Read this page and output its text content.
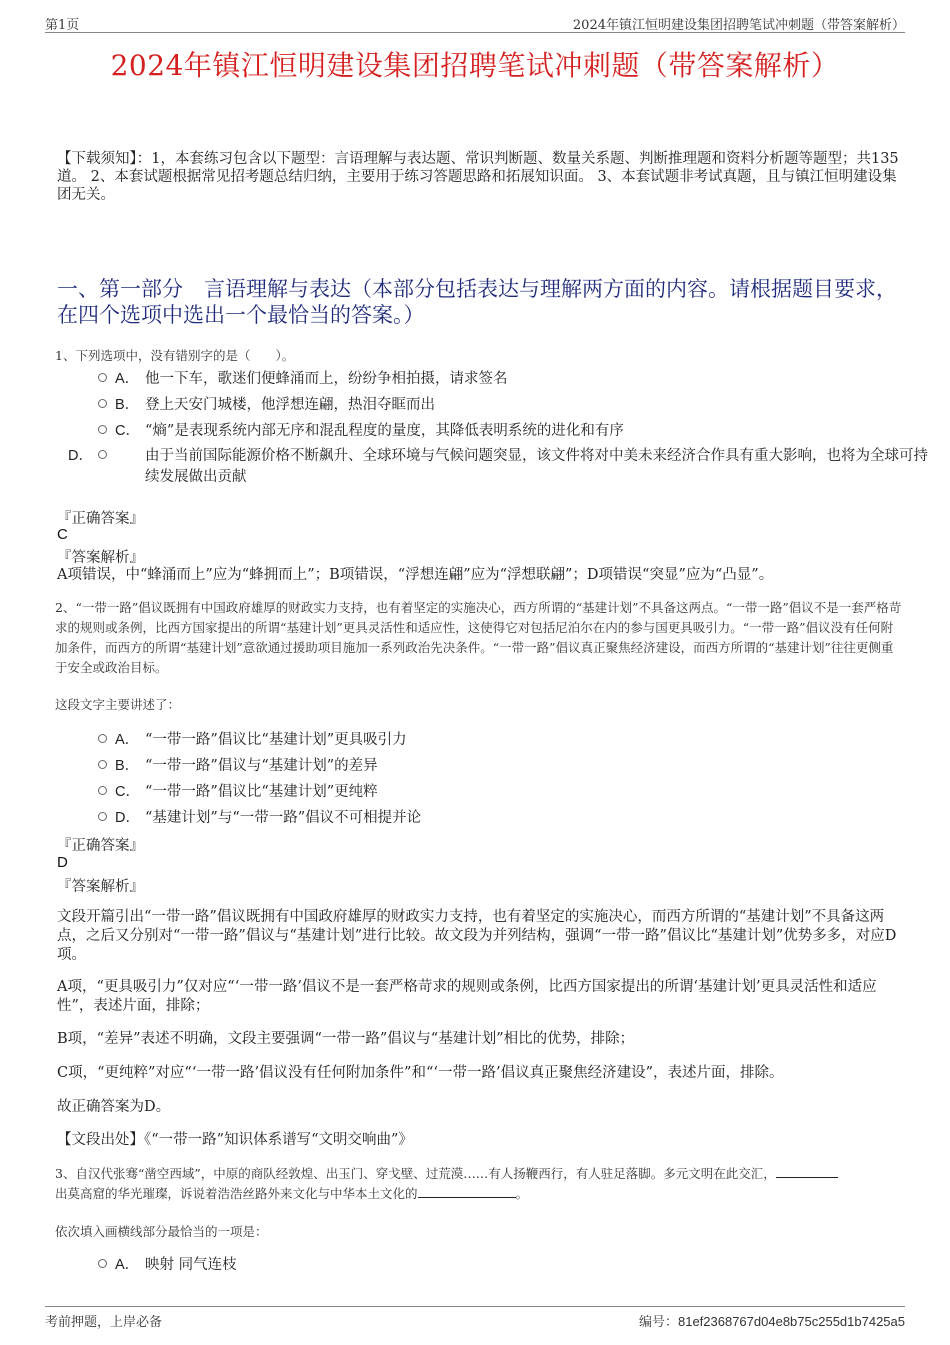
第1页	2024年镇江恒明建设集团招聘笔试冲刺题（带答案解析）
2024年镇江恒明建设集团招聘笔试冲刺题（带答案解析）
【下载须知】：1，本套练习包含以下题型：言语理解与表达题、常识判断题、数量关系题、判断推理题和资料分析题等题型；共135道。 2、本套试题根据常见招考题总结归纳，主要用于练习答题思路和拓展知识面。 3、本套试题非考试真题，且与镇江恒明建设集团无关。
一、第一部分　言语理解与表达（本部分包括表达与理解两方面的内容。请根据题目要求，在四个选项中选出一个最恰当的答案。）
1、下列选项中，没有错别字的是（　　）。
A． 他一下车，歌迷们便蜂涌而上，纷纷争相拍摄，请求签名
B． 登上天安门城楼，他浮想连翩，热泪夺眶而出
C． “熵”是表现系统内部无序和混乱程度的量度，其降低表明系统的进化和有序
D．	由于当前国际能源价格不断飙升、全球环境与气候问题突显，该文件将对中美未来经济合作具有重大影响，也将为全球可持续发展做出贡献
『正确答案』
C
『答案解析』
A项错误，中“蜂涌而上”应为“蜂拥而上”；B项错误，“浮想连翩”应为“浮想联翩”；D项错误“突显”应为“凸显”。
2、“一带一路”倡议既拥有中国政府雄厚的财政实力支持，也有着坚定的实施决心，西方所谓的“基建计划”不具备这两点。“一带一路”倡议不是一套严格苛求的规则或条例，比西方国家提出的所谓“基建计划”更具灵活性和适应性，这使得它对包括尼泊尔在内的参与国更具吸引力。“一带一路”倡议没有任何附加条件，而西方的所谓“基建计划”意欲通过援助项目施加一系列政治先决条件。“一带一路”倡议真正聚焦经济建设，而西方所谓的“基建计划”往往更侧重于安全或政治目标。
这段文字主要讲述了：
A． “一带一路”倡议比“基建计划”更具吸引力
B． “一带一路”倡议与“基建计划”的差异
C． “一带一路”倡议比“基建计划”更纯粹
D． “基建计划”与“一带一路”倡议不可相提并论
『正确答案』
D
『答案解析』
文段开篇引出“一带一路”倡议既拥有中国政府雄厚的财政实力支持，也有着坚定的实施决心，而西方所谓的“基建计划”不具备这两点，之后又分别对“一带一路”倡议与“基建计划”进行比较。故文段为并列结构，强调“一带一路”倡议比“基建计划”优势多多，对应D项。
A项，“更具吸引力”仅对应“‘一带一路’倡议不是一套严格苛求的规则或条例，比西方国家提出的所谓‘基建计划’更具灵活性和适应性”，表述片面，排除；
B项，“差异”表述不明确，文段主要强调“一带一路”倡议与“基建计划”相比的优势，排除；
C项，“更纯粹”对应“‘一带一路’倡议没有任何附加条件”和“‘一带一路’倡议真正聚焦经济建设”，表述片面，排除。
故正确答案为D。
【文段出处】《“一带一路”知识体系谱写“文明交响曲”》
3、自汉代张骞“凿空西域”，中原的商队经敦煌、出玉门、穿戈壁、过荒漠……有人扬鞭西行，有人驻足落脚。多元文明在此交汇，
出莫高窟的华光璀璨，诉说着浩浩丝路外来文化与中华本土文化的	。
依次填入画横线部分最恰当的一项是：
A． 映射 同气连枝
考前押题，上岸必备	编号：81ef2368767d04e8b75c255d1b7425a5
